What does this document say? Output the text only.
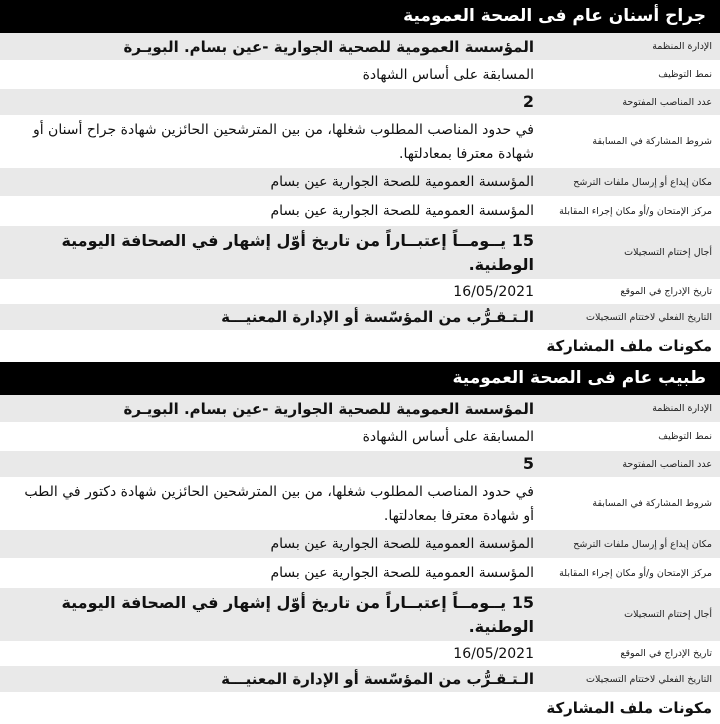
جراح أسنان عام فى الصحة العمومية
الإدارة المنظمة
المؤسسة العمومية للصحية الجوارية -عين بسام. البويـرة
نمط التوظيف
المسابقة على أساس الشهادة
عدد المناصب المفتوحة
2
شروط المشاركة في المسابقة
في حدود المناصب المطلوب شغلها، من بين المترشحين الحائزين شهادة جراح أسنان أو شهادة معترفا بمعادلتها.
مكان إيداع أو إرسال ملفات الترشح
المؤسسة العمومية للصحة الجوارية عين بسام
مركز الإمتحان و/أو مكان إجراء المقابلة
المؤسسة العمومية للصحة الجوارية عين بسام
أجال إختتام التسجيلات
15 يــومــاً إعتبــاراً من تاريخ أوّل إشهار في الصحافة اليومية الوطنية.
تاريخ الإدراج في الموقع
16/05/2021
التاريخ الفعلي لاختتام التسجيلات
الـتـقـرُّب من المؤسّسة أو الإدارة المعنيـــة
مكونات ملف المشاركة
طبيب عام فى الصحة العمومية
الإدارة المنظمة
المؤسسة العمومية للصحية الجوارية -عين بسام. البويـرة
نمط التوظيف
المسابقة على أساس الشهادة
عدد المناصب المفتوحة
5
شروط المشاركة في المسابقة
في حدود المناصب المطلوب شغلها، من بين المترشحين الحائزين شهادة دكتور في الطب أو شهادة معترفا بمعادلتها.
مكان إيداع أو إرسال ملفات الترشح
المؤسسة العمومية للصحة الجوارية عين بسام
مركز الإمتحان و/أو مكان إجراء المقابلة
المؤسسة العمومية للصحة الجوارية عين بسام
أجال إختتام التسجيلات
15 يــومــاً إعتبــاراً من تاريخ أوّل إشهار في الصحافة اليومية الوطنية.
تاريخ الإدراج في الموقع
16/05/2021
التاريخ الفعلي لاختتام التسجيلات
الـتـقـرُّب من المؤسّسة أو الإدارة المعنيـــة
مكونات ملف المشاركة
